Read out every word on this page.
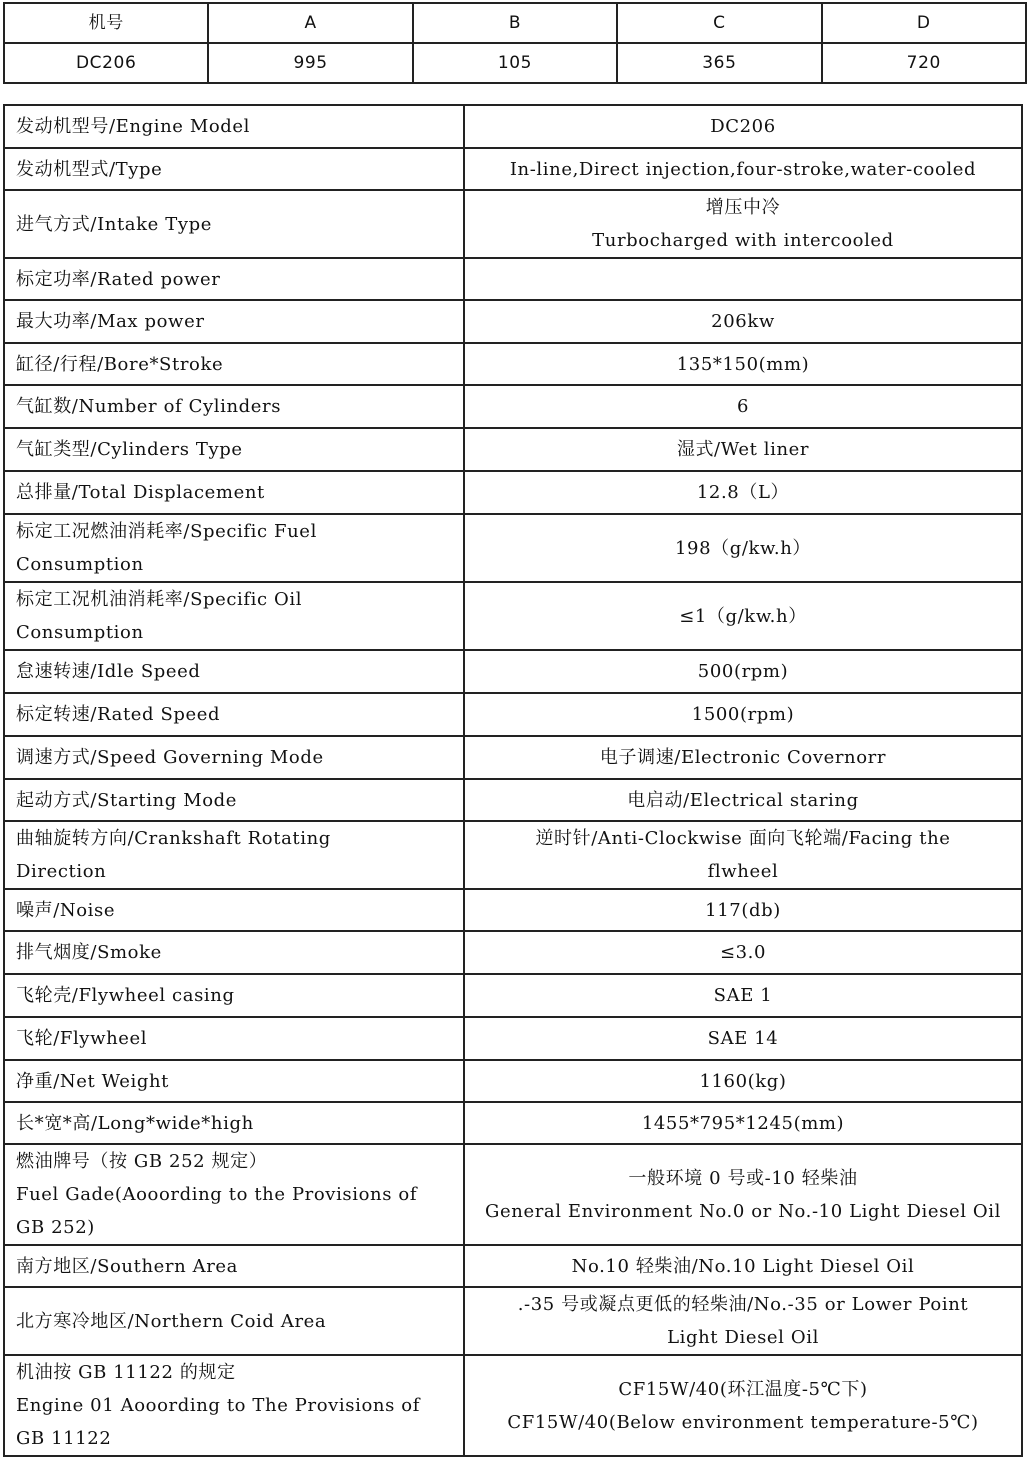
机号	A	B	C	D
DC206	995	105	365	720
发动机型号/Engine Model	DC206

发动机型式/Type	In-line,Direct injection,four-stroke,water-cooled

进气方式/Intake Type	增压中冷
Turbocharged with intercooled

标定功率/Rated power	

最大功率/Max power	206kw

缸径/行程/Bore*Stroke	135*150(mm)

气缸数/Number of Cylinders	6

气缸类型/Cylinders Type	湿式/Wet liner

总排量/Total Displacement	12.8（L）

标定工况燃油消耗率/Specific Fuel
Consumption	198（g/kw.h）

标定工况机油消耗率/Specific Oil
Consumption	≤1（g/kw.h）

怠速转速/Idle Speed	500(rpm)

标定转速/Rated Speed	1500(rpm)

调速方式/Speed Governing Mode	电子调速/Electronic Covernorr

起动方式/Starting Mode	电启动/Electrical staring

曲轴旋转方向/Crankshaft Rotating
Direction	逆时针/Anti-Clockwise 面向飞轮端/Facing the
flwheel

噪声/Noise	117(db)

排气烟度/Smoke	≤3.0

飞轮壳/Flywheel casing	SAE 1

飞轮/Flywheel	SAE 14

净重/Net Weight	1160(kg)

长*宽*高/Long*wide*high	1455*795*1245(mm)

燃油牌号（按 GB 252 规定）
Fuel Gade(Aooording to the Provisions of
GB 252)	一般环境 0 号或-10 轻柴油
General Environment No.0 or No.-10 Light Diesel Oil

南方地区/Southern Area	No.10 轻柴油/No.10 Light Diesel Oil

北方寒冷地区/Northern Coid Area	.-35 号或凝点更低的轻柴油/No.-35 or Lower Point
Light Diesel Oil

机油按 GB 11122 的规定
Engine 01 Aooording to The Provisions of
GB 11122	CF15W/40(环江温度-5℃下)
CF15W/40(Below environment temperature-5℃)
